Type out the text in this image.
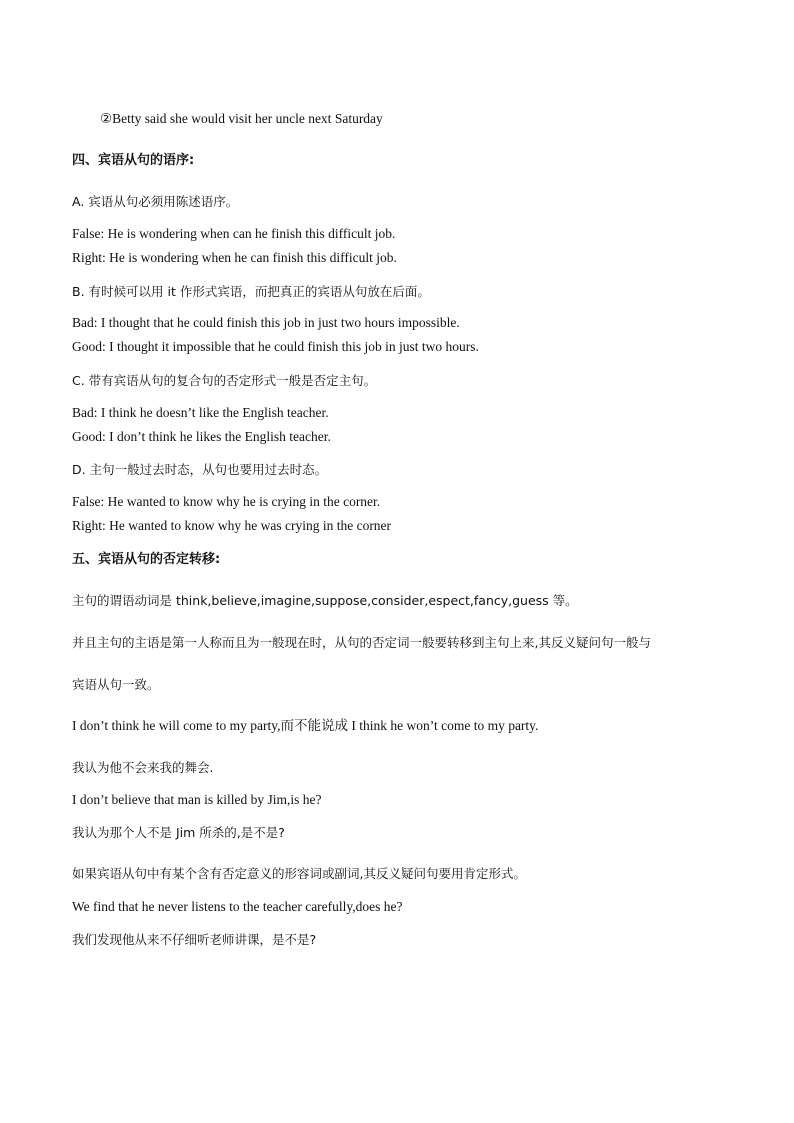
②Betty said she would visit her uncle next Saturday
四、宾语从句的语序:
A. 宾语从句必须用陈述语序。
False: He is wondering when can he finish this difficult job.
Right: He is wondering when he can finish this difficult job.
B. 有时候可以用 it 作形式宾语，而把真正的宾语从句放在后面。
Bad: I thought that he could finish this job in just two hours impossible.
Good: I thought it impossible that he could finish this job in just two hours.
C. 带有宾语从句的复合句的否定形式一般是否定主句。
Bad: I think he doesn’t like the English teacher.
Good: I don’t think he likes the English teacher.
D. 主句一般过去时态，从句也要用过去时态。
False: He wanted to know why he is crying in the corner.
Right: He wanted to know why he was crying in the corner
五、宾语从句的否定转移:
主句的谓语动词是 think,believe,imagine,suppose,consider,espect,fancy,guess 等。
并且主句的主语是第一人称而且为一般现在时，从句的否定词一般要转移到主句上来,其反义疑问句一般与
宾语从句一致。
I don’t think he will come to my party,而不能说成 I think he won’t come to my party.
我认为他不会来我的舞会.
I don’t believe that man is killed by Jim,is he?
我认为那个人不是 Jim 所杀的,是不是?
如果宾语从句中有某个含有否定意义的形容词或副词,其反义疑问句要用肯定形式。
We find that he never listens to the teacher carefully,does he?
我们发现他从来不仔细听老师讲课，是不是?
